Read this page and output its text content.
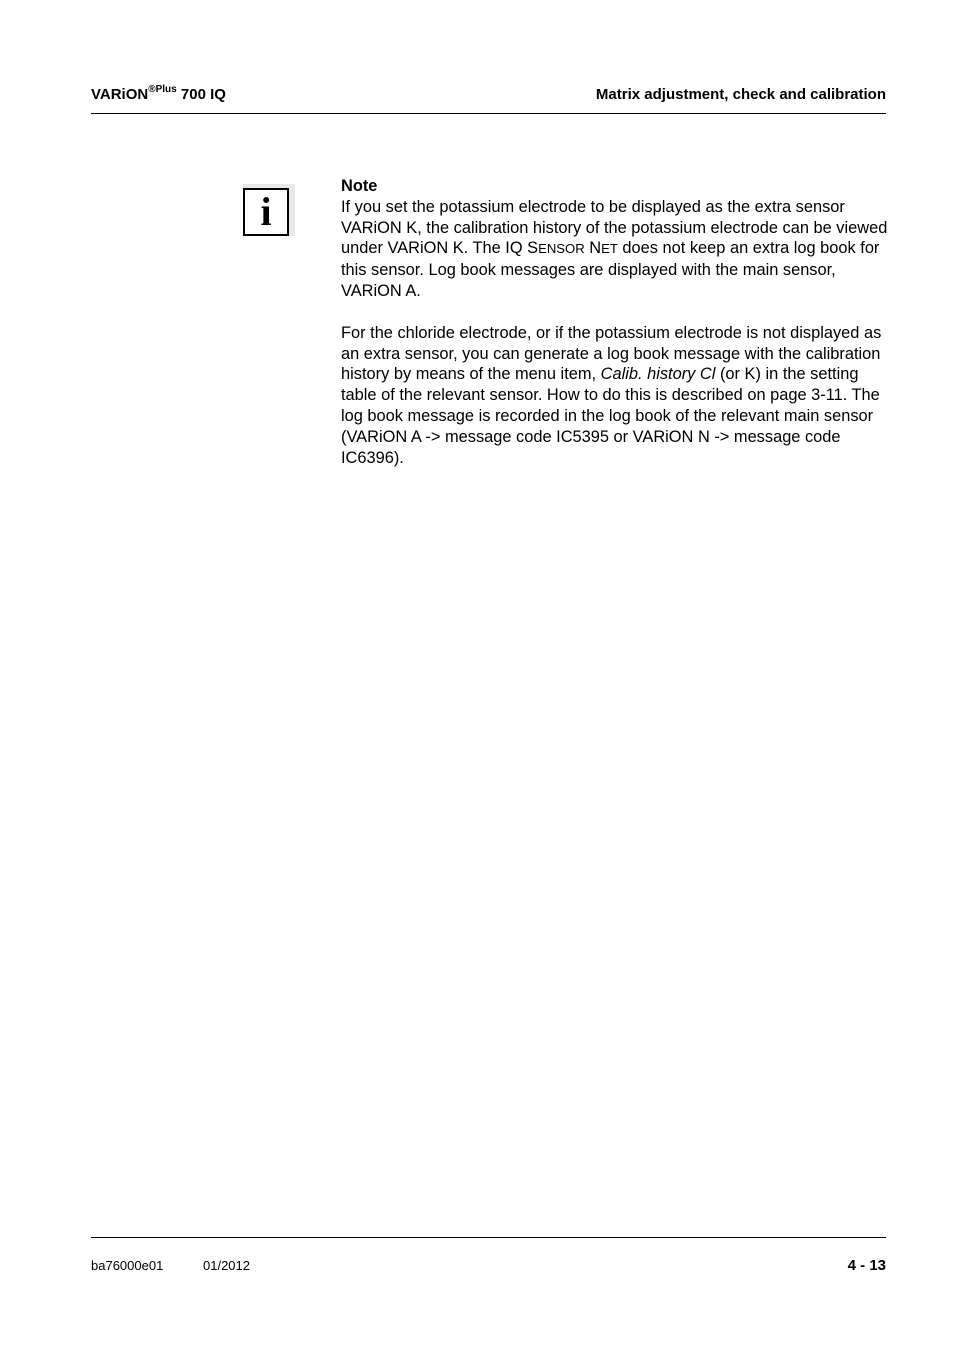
VARiON$^{®Plus}$ 700 IQ	Matrix adjustment, check and calibration
i
Note

If you set the potassium electrode to be displayed as the extra sensor VARiON K, the calibration history of the potassium electrode can be viewed under VARiON K. The IQ SENSOR NET does not keep an extra log book for this sensor. Log book messages are displayed with the main sensor, VARiON A.

For the chloride electrode, or if the potassium electrode is not displayed as an extra sensor, you can generate a log book message with the calibration history by means of the menu item, Calib. history Cl (or K) in the setting table of the relevant sensor. How to do this is described on page 3-11. The log book message is recorded in the log book of the relevant main sensor (VARiON A -> message code IC5395 or VARiON N -> message code IC6396).

ba76000e01	01/2012	4 - 13
